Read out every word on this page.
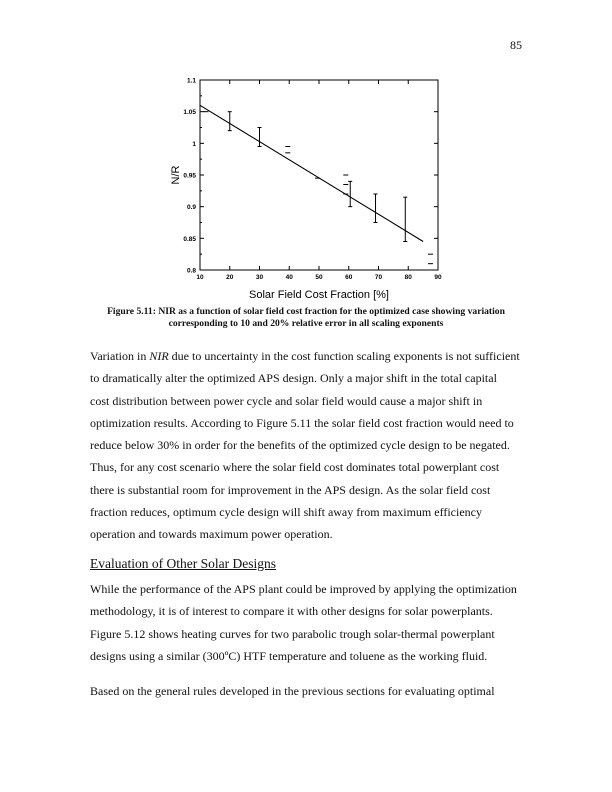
85
0.8
0.85
0.9
0.95
1
1.05
1.1
10	20	30	40	50	60	70	80	90
Solar Field Cost Fraction [%]
N/R
Figure 5.11: NIR as a function of solar field cost fraction for the optimized case showing variation
corresponding to 10 and 20% relative error in all scaling exponents
Variation in NIR due to uncertainty in the cost function scaling exponents is not sufficient
to dramatically alter the optimized APS design. Only a major shift in the total capital
cost distribution between power cycle and solar field would cause a major shift in
optimization results. According to Figure 5.11 the solar field cost fraction would need to
reduce below 30% in order for the benefits of the optimized cycle design to be negated.
Thus, for any cost scenario where the solar field cost dominates total powerplant cost
there is substantial room for improvement in the APS design. As the solar field cost
fraction reduces, optimum cycle design will shift away from maximum efficiency
operation and towards maximum power operation.
Evaluation of Other Solar Designs
While the performance of the APS plant could be improved by applying the optimization
methodology, it is of interest to compare it with other designs for solar powerplants.
Figure 5.12 shows heating curves for two parabolic trough solar-thermal powerplant
designs using a similar (300ºC) HTF temperature and toluene as the working fluid.
Based on the general rules developed in the previous sections for evaluating optimal
